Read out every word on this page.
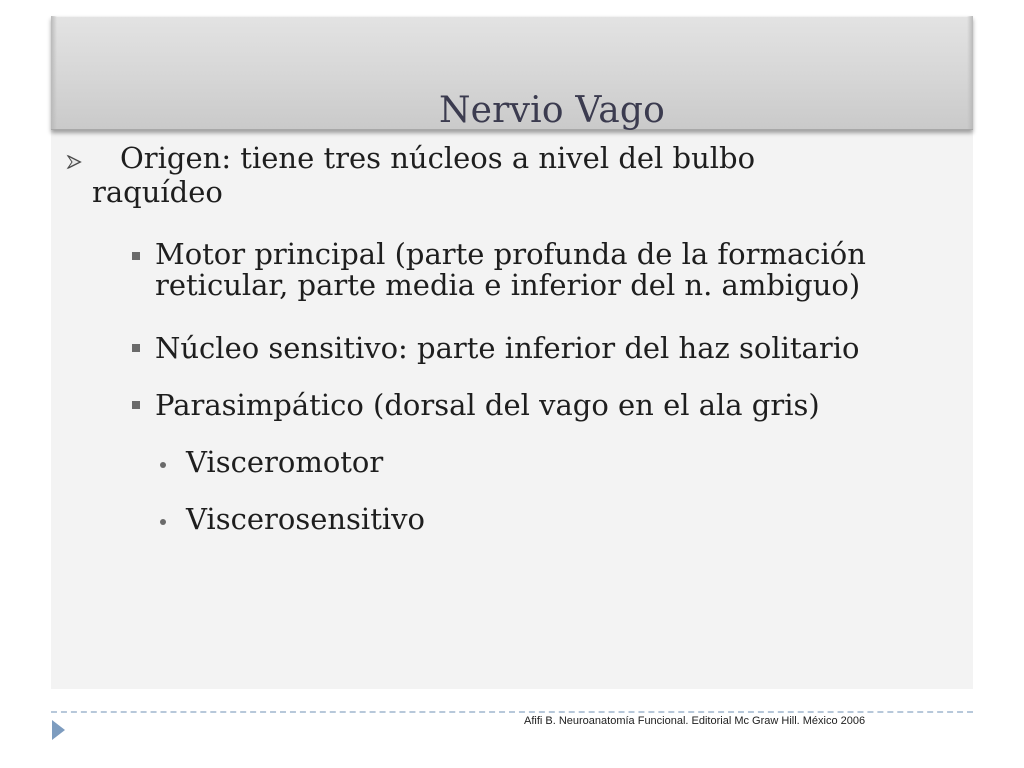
Nervio Vago
Origen: tiene tres núcleos a nivel del bulbo
raquídeo
Motor principal (parte profunda de la formación
reticular, parte media e inferior del n. ambiguo)
Núcleo sensitivo: parte inferior del haz solitario
Parasimpático (dorsal del vago en el ala gris)
Visceromotor
Viscerosensitivo
Afifi B. Neuroanatomía Funcional. Editorial Mc Graw Hill. México 2006
